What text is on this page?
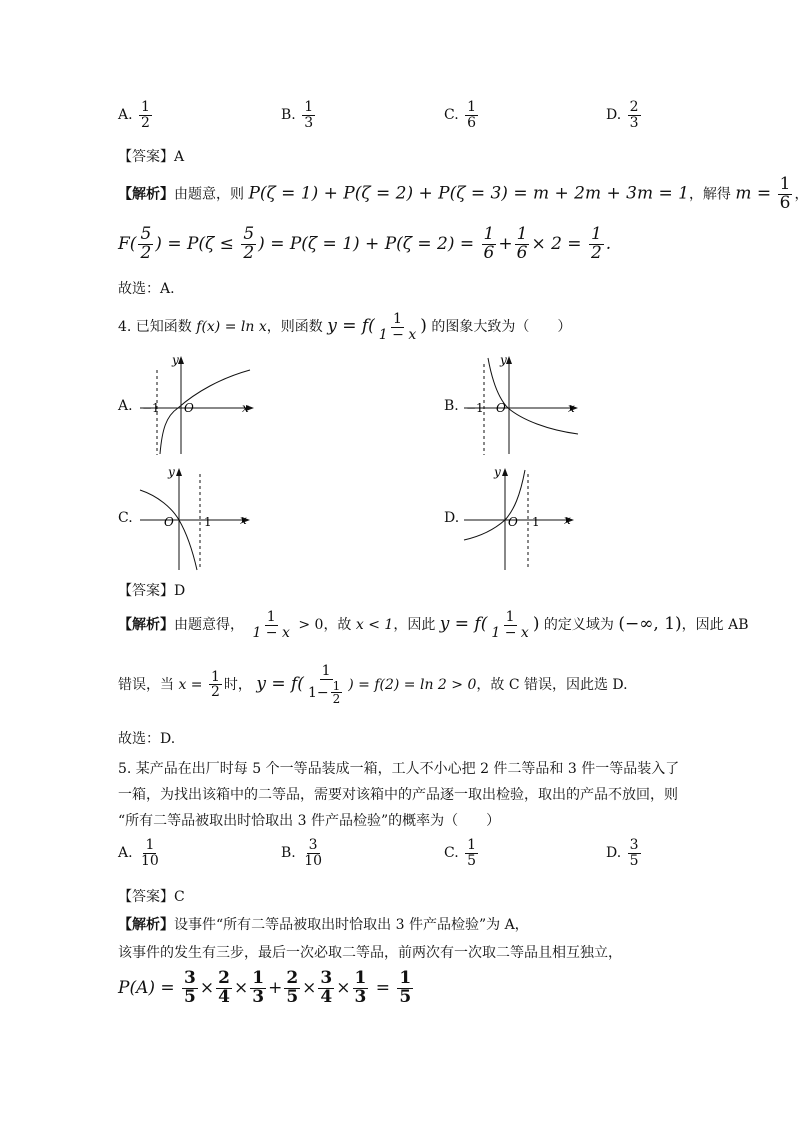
A. $\frac{1}{2}$	B. $\frac{1}{3}$	C. $\frac{1}{6}$	D. $\frac{2}{3}$
【答案】A
【解析】由题意，则 P(ζ = 1) + P(ζ = 2) + P(ζ = 3) = m + 2m + 3m = 1，解得 $m = \frac{1}{6}$ ，
$F( \frac{5}{2}$ ) = $P(\zeta \le \frac{5}{2}$ ) = $P(\zeta = 1) + P(\zeta = 2) = \frac{1}{6} + \frac{1}{6} \times 2 = \frac{1}{2}$ .
故选：A.
4. 已知函数 f(x) = ln x，则函数 $y = f( \frac{1}{1 - x}$ ) 的图象大致为（　　）
A.
y
x
O
−1	B.
y
x
O
−1
C.
y
x
O	1	D.
y
x
O 1
【答案】D
【解析】由题意得， $\frac{1}{1 - x} > 0$，故 x < 1，因此 $y = f( \frac{1}{1 - x}$ ) 的定义域为 (−∞, 1)，因此 AB
错误，当 $x = \frac{1}{2}$ 时， $y = f( \frac{1}{1- \frac{1}{2}}$ ) = f(2) = ln 2 > 0，故 C 错误，因此选 D.
故选：D.
5. 某产品在出厂时每 5 个一等品装成一箱，工人不小心把 2 件二等品和 3 件一等品装入了
一箱，为找出该箱中的二等品，需要对该箱中的产品逐一取出检验，取出的产品不放回，则
“所有二等品被取出时恰取出 3 件产品检验”的概率为（　　）
A. $\frac{1}{10}$	B. $\frac{3}{10}$	C. $\frac{1}{5}$	D. $\frac{3}{5}$
【答案】C
【解析】设事件“所有二等品被取出时恰取出 3 件产品检验”为 A，
该事件的发生有三步，最后一次必取二等品，前两次有一次取二等品且相互独立，
$P(A) = \frac{3}{5} \times \frac{2}{4} \times \frac{1}{3} + \frac{2}{5} \times \frac{3}{4} \times \frac{1}{3} = \frac{1}{5}$
